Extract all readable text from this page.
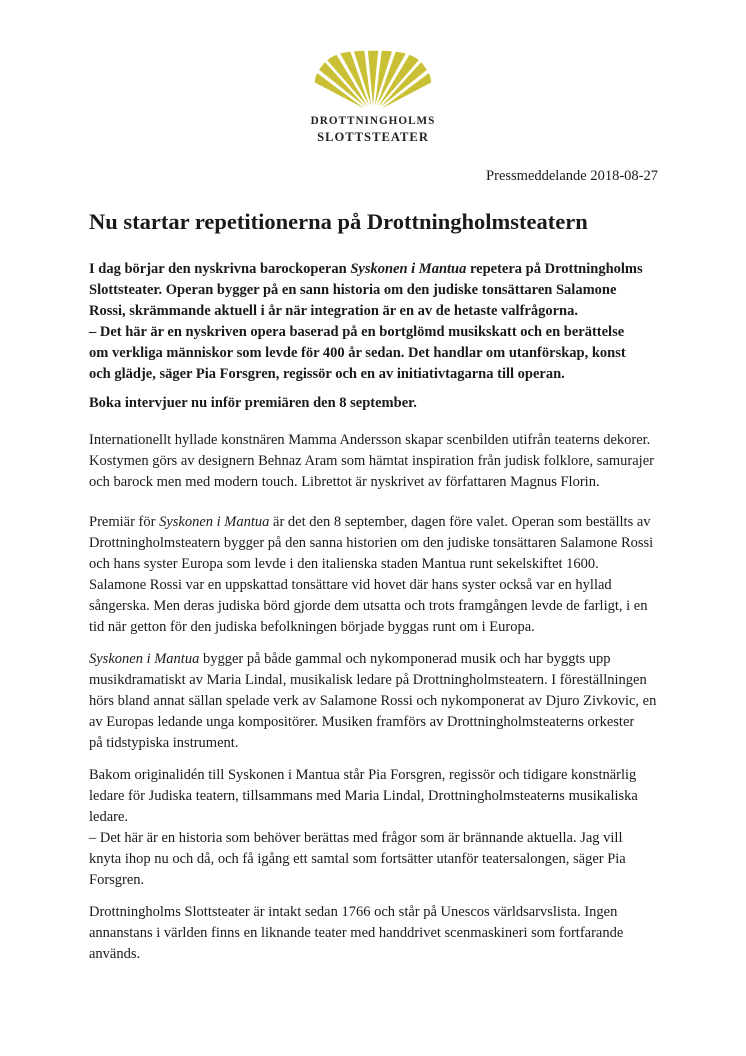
DROTTNINGHOLMS
SLOTTSTEATER
Pressmeddelande 2018-08-27
Nu startar repetitionerna på Drottningholmsteatern
I dag börjar den nyskrivna barockoperan Syskonen i Mantua repetera på Drottningholms
Slottsteater. Operan bygger på en sann historia om den judiske tonsättaren Salamone
Rossi, skrämmande aktuell i år när integration är en av de hetaste valfrågorna.
– Det här är en nyskriven opera baserad på en bortglömd musikskatt och en berättelse
om verkliga människor som levde för 400 år sedan. Det handlar om utanförskap, konst
och glädje, säger Pia Forsgren, regissör och en av initiativtagarna till operan.
Boka intervjuer nu inför premiären den 8 september.
Internationellt hyllade konstnären Mamma Andersson skapar scenbilden utifrån teaterns dekorer.
Kostymen görs av designern Behnaz Aram som hämtat inspiration från judisk folklore, samurajer
och barock men med modern touch. Librettot är nyskrivet av författaren Magnus Florin.
Premiär för Syskonen i Mantua är det den 8 september, dagen före valet. Operan som beställts av
Drottningholmsteatern bygger på den sanna historien om den judiske tonsättaren Salamone Rossi
och hans syster Europa som levde i den italienska staden Mantua runt sekelskiftet 1600.
Salamone Rossi var en uppskattad tonsättare vid hovet där hans syster också var en hyllad
sångerska. Men deras judiska börd gjorde dem utsatta och trots framgången levde de farligt, i en
tid när getton för den judiska befolkningen började byggas runt om i Europa.
Syskonen i Mantua bygger på både gammal och nykomponerad musik och har byggts upp
musikdramatiskt av Maria Lindal, musikalisk ledare på Drottningholmsteatern. I föreställningen
hörs bland annat sällan spelade verk av Salamone Rossi och nykomponerat av Djuro Zivkovic, en
av Europas ledande unga kompositörer. Musiken framförs av Drottningholmsteaterns orkester
på tidstypiska instrument.
Bakom originalidén till Syskonen i Mantua står Pia Forsgren, regissör och tidigare konstnärlig
ledare för Judiska teatern, tillsammans med Maria Lindal, Drottningholmsteaterns musikaliska
ledare.
– Det här är en historia som behöver berättas med frågor som är brännande aktuella. Jag vill
knyta ihop nu och då, och få igång ett samtal som fortsätter utanför teatersalongen, säger Pia
Forsgren.
Drottningholms Slottsteater är intakt sedan 1766 och står på Unescos världsarvslista. Ingen
annanstans i världen finns en liknande teater med handdrivet scenmaskineri som fortfarande
används.
